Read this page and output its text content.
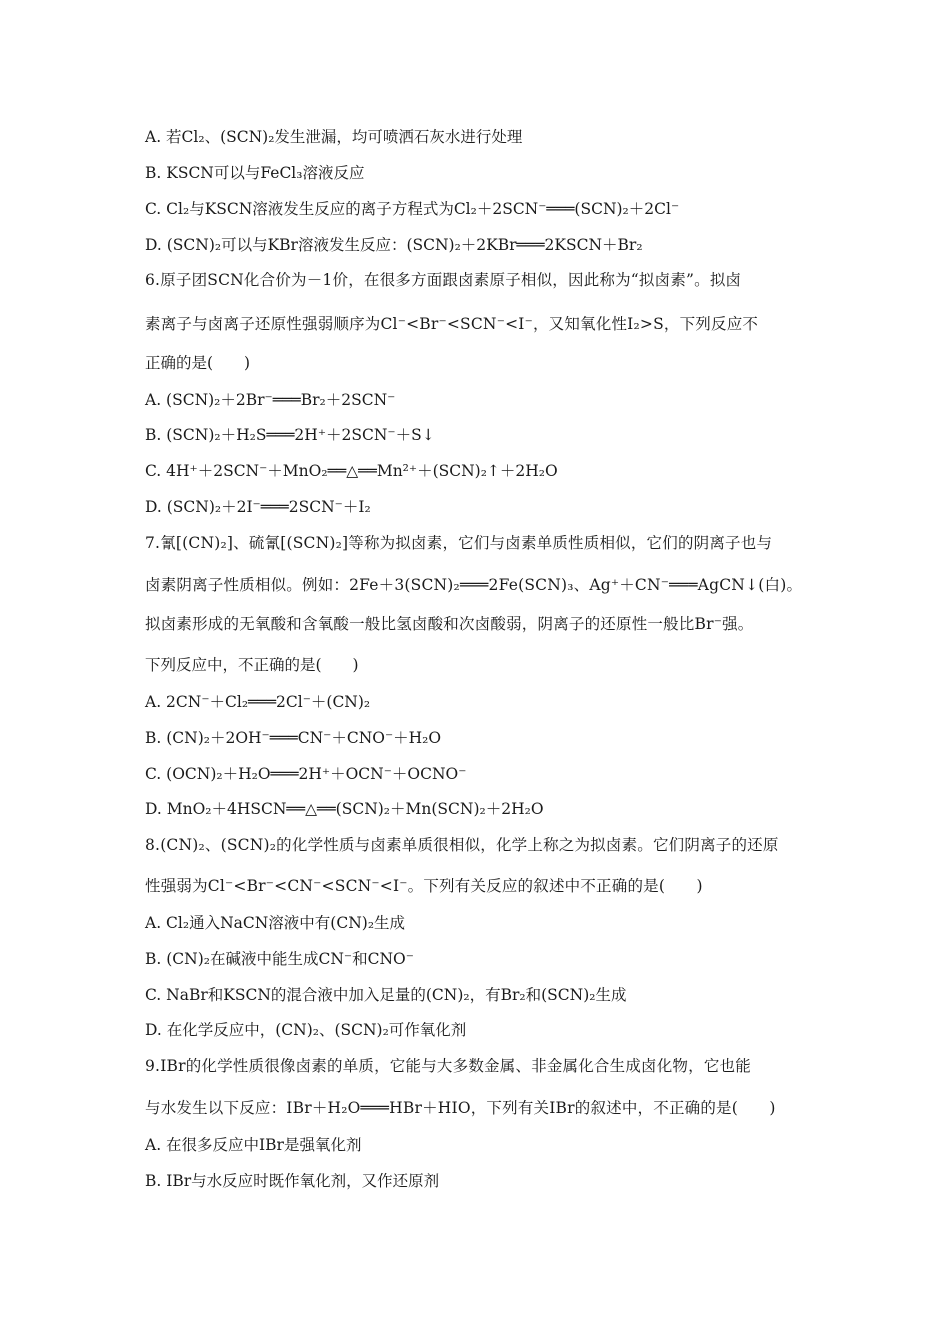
A. 若Cl₂、(SCN)₂发生泄漏，均可喷洒石灰水进行处理
B. KSCN可以与FeCl₃溶液反应
C. Cl₂与KSCN溶液发生反应的离子方程式为Cl₂＋2SCN⁻═══(SCN)₂＋2Cl⁻
D. (SCN)₂可以与KBr溶液发生反应：(SCN)₂＋2KBr═══2KSCN＋Br₂
6.原子团SCN化合价为－1价，在很多方面跟卤素原子相似，因此称为“拟卤素”。拟卤
素离子与卤离子还原性强弱顺序为Cl⁻<Br⁻<SCN⁻<I⁻，又知氧化性I₂>S，下列反应不
正确的是(　　)
A. (SCN)₂＋2Br⁻═══Br₂＋2SCN⁻
B. (SCN)₂＋H₂S═══2H⁺＋2SCN⁻＋S↓
C. 4H⁺＋2SCN⁻＋MnO₂══△══Mn²⁺＋(SCN)₂↑＋2H₂O
D. (SCN)₂＋2I⁻═══2SCN⁻＋I₂
7.氰[(CN)₂]、硫氰[(SCN)₂]等称为拟卤素，它们与卤素单质性质相似，它们的阴离子也与
卤素阴离子性质相似。例如：2Fe＋3(SCN)₂═══2Fe(SCN)₃、Ag⁺＋CN⁻═══AgCN↓(白)。
拟卤素形成的无氧酸和含氧酸一般比氢卤酸和次卤酸弱，阴离子的还原性一般比Br⁻强。
下列反应中，不正确的是(　　)
A. 2CN⁻＋Cl₂═══2Cl⁻＋(CN)₂
B. (CN)₂＋2OH⁻═══CN⁻＋CNO⁻＋H₂O
C. (OCN)₂＋H₂O═══2H⁺＋OCN⁻＋OCNO⁻
D. MnO₂＋4HSCN══△══(SCN)₂＋Mn(SCN)₂＋2H₂O
8.(CN)₂、(SCN)₂的化学性质与卤素单质很相似，化学上称之为拟卤素。它们阴离子的还原
性强弱为Cl⁻<Br⁻<CN⁻<SCN⁻<I⁻。下列有关反应的叙述中不正确的是(　　)
A. Cl₂通入NaCN溶液中有(CN)₂生成
B. (CN)₂在碱液中能生成CN⁻和CNO⁻
C. NaBr和KSCN的混合液中加入足量的(CN)₂，有Br₂和(SCN)₂生成
D. 在化学反应中，(CN)₂、(SCN)₂可作氧化剂
9.IBr的化学性质很像卤素的单质，它能与大多数金属、非金属化合生成卤化物，它也能
与水发生以下反应：IBr＋H₂O═══HBr＋HIO，下列有关IBr的叙述中，不正确的是(　　)
A. 在很多反应中IBr是强氧化剂
B. IBr与水反应时既作氧化剂，又作还原剂
